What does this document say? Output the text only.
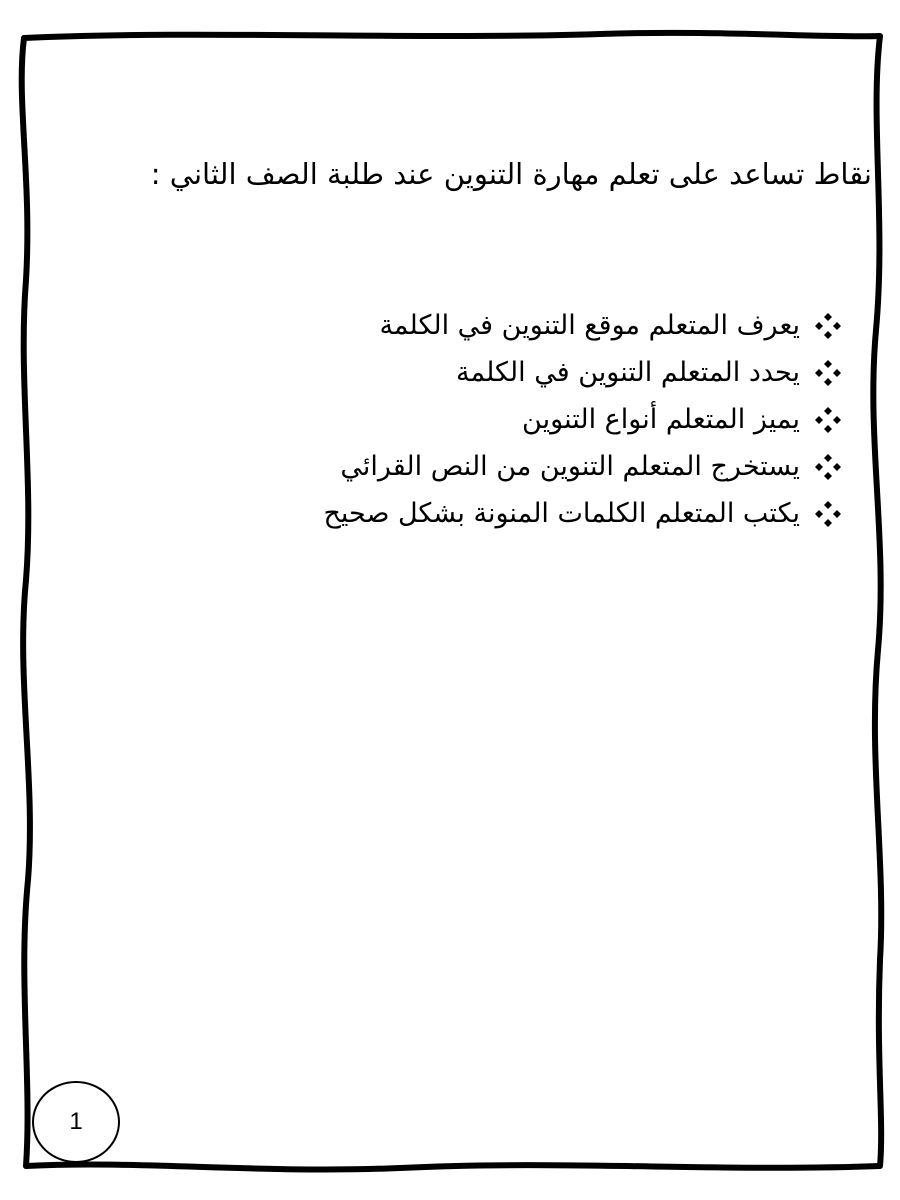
نقاط تساعد على تعلم مهارة التنوين عند طلبة الصف الثاني :
يعرف المتعلم موقع التنوين في الكلمة
يحدد المتعلم التنوين في الكلمة
يميز المتعلم أنواع التنوين
يستخرج المتعلم التنوين من النص القرائي
يكتب المتعلم الكلمات المنونة بشكل صحيح
1
